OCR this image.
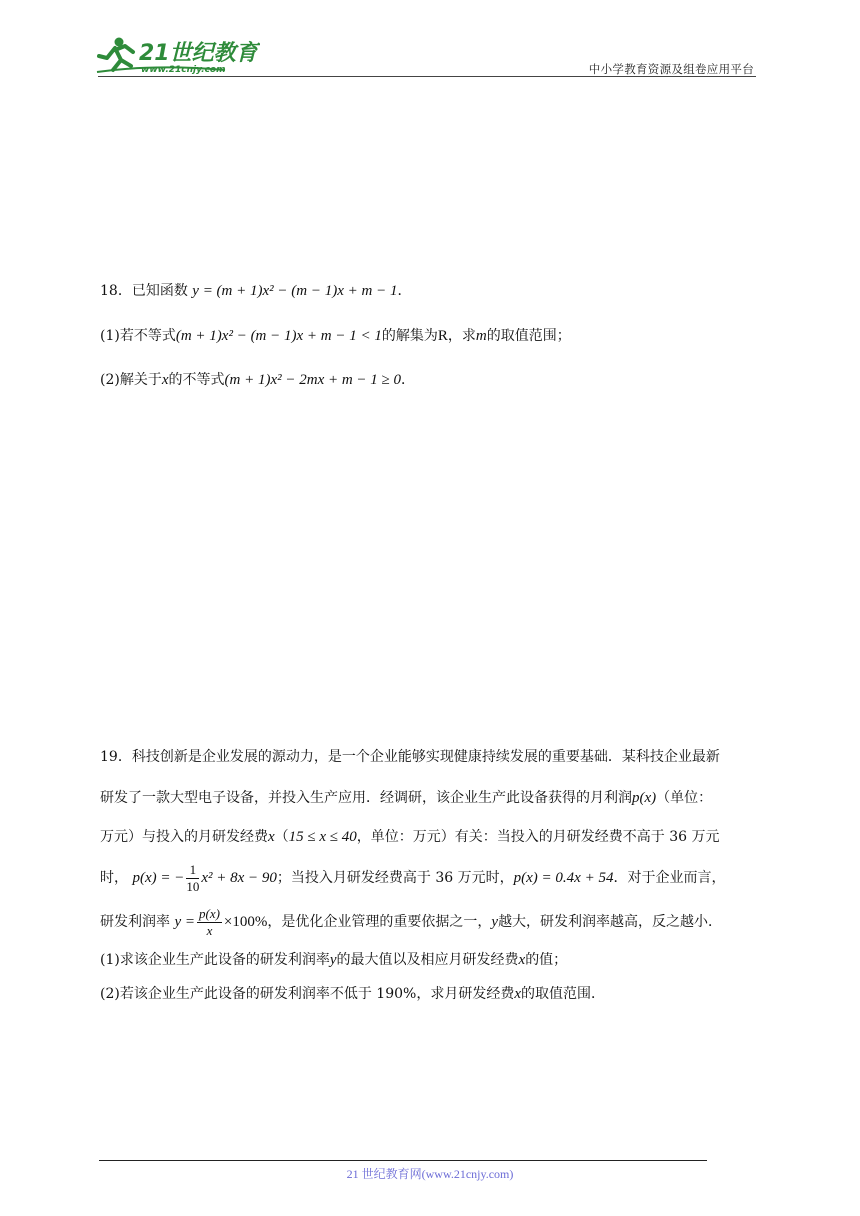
21世纪教育
www.21cnjy.com	中小学教育资源及组卷应用平台
18．已知函数 y = (m + 1)x² − (m − 1)x + m − 1．
(1)若不等式(m + 1)x² − (m − 1)x + m − 1 < 1的解集为R，求m的取值范围；
(2)解关于x的不等式(m + 1)x² − 2mx + m − 1 ≥ 0．
19．科技创新是企业发展的源动力，是一个企业能够实现健康持续发展的重要基础．某科技企业最新
研发了一款大型电子设备，并投入生产应用．经调研，该企业生产此设备获得的月利润p(x)（单位：
万元）与投入的月研发经费x（15 ≤ x ≤ 40，单位：万元）有关：当投入的月研发经费不高于 36 万元
时， p(x) = − $\frac{1}{10} x^2 + 8x - 90$；当投入月研发经费高于 36 万元时，p(x) = 0.4x + 54．对于企业而言，
研发利润率 $y = \frac{p(x)}{x} \times 100\%$，是优化企业管理的重要依据之一，y越大，研发利润率越高，反之越小．
(1)求该企业生产此设备的研发利润率y的最大值以及相应月研发经费x的值；
(2)若该企业生产此设备的研发利润率不低于 190%，求月研发经费x的取值范围．
21 世纪教育网(www.21cnjy.com)
